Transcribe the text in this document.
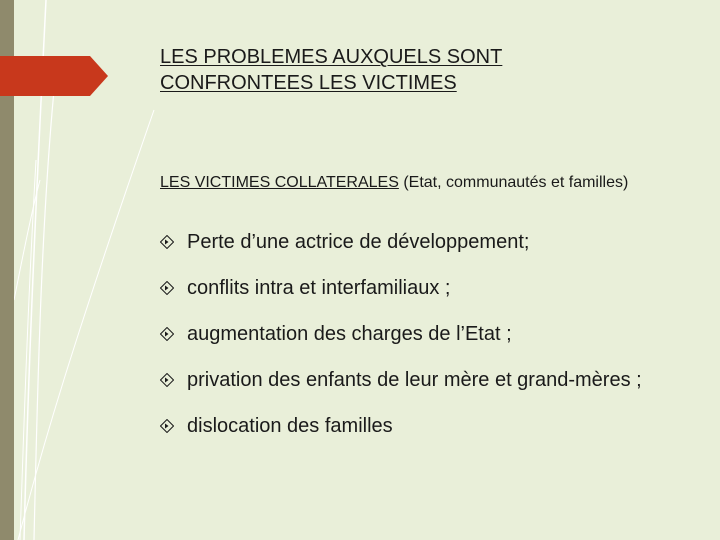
LES PROBLEMES AUXQUELS SONT
CONFRONTEES LES VICTIMES
LES VICTIMES COLLATERALES (Etat, communautés et familles)
Perte d’une actrice de développement;
conflits intra et interfamiliaux ;
augmentation des charges de l’Etat ;
privation des enfants de leur mère et grand-mères ;
dislocation des familles
